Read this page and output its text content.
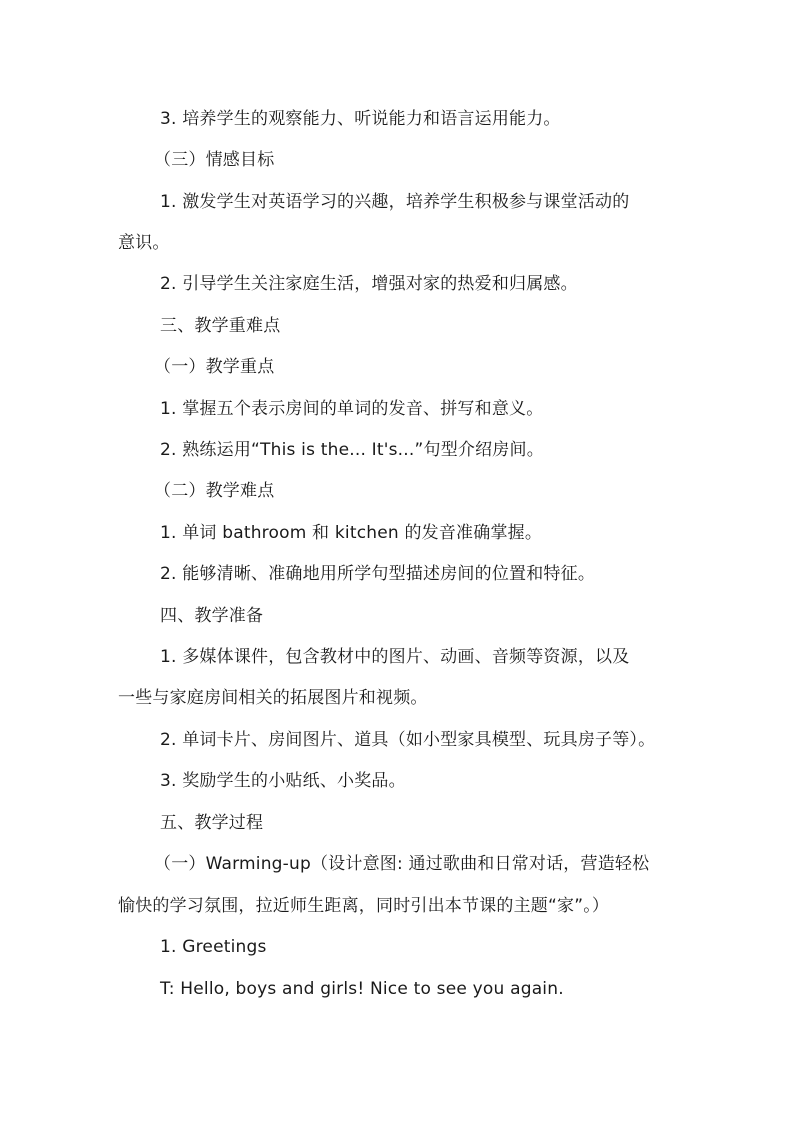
3. 培养学生的观察能力、听说能力和语言运用能力。
（三）情感目标
1. 激发学生对英语学习的兴趣，培养学生积极参与课堂活动的
意识。
2. 引导学生关注家庭生活，增强对家的热爱和归属感。
三、教学重难点
（一）教学重点
1. 掌握五个表示房间的单词的发音、拼写和意义。
2. 熟练运用“This is the... It's...”句型介绍房间。
（二）教学难点
1. 单词 bathroom 和 kitchen 的发音准确掌握。
2. 能够清晰、准确地用所学句型描述房间的位置和特征。
四、教学准备
1. 多媒体课件，包含教材中的图片、动画、音频等资源，以及
一些与家庭房间相关的拓展图片和视频。
2. 单词卡片、房间图片、道具（如小型家具模型、玩具房子等）。
3. 奖励学生的小贴纸、小奖品。
五、教学过程
（一）Warming-up（设计意图: 通过歌曲和日常对话，营造轻松
愉快的学习氛围，拉近师生距离，同时引出本节课的主题“家”。）
1. Greetings
T: Hello, boys and girls! Nice to see you again.
